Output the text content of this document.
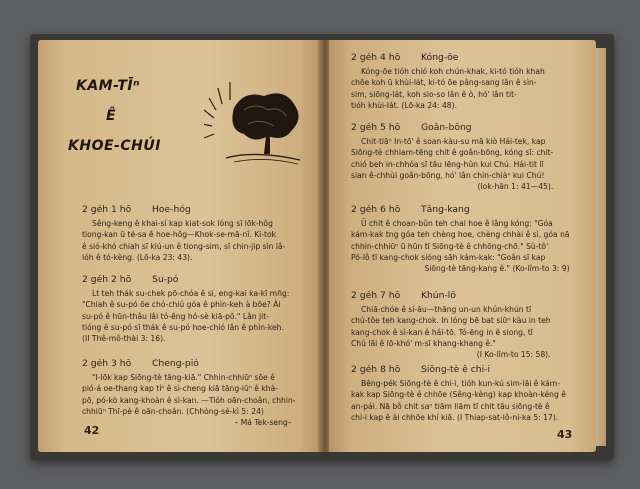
KAM-TĪⁿ
Ê
KHOE-CHÚI
2 géh 1 hō Hoe-hóg

Sêng-keng ê khai-sí kap kiat-sok lóng sī lōk-hôg

tiong-kan ū té-sa ê hoe-hôg—Khok-se-mā-nî. Ki-tok

ê sió-khó chiah sī kiú-un ê tiong-sim, sī chin-jip sìn lâ-

lóh ê tó-kèng. (Lō-ka 23: 43).

2 géh 2 hō Su-pó

Lt teh thák su-chek pō-chóa ê sí, eng-kai ka-kī mñg:

"Chiah ê su-pó ōe chó-chiú góa ê phìn-keh à bōe? Ài

su-pó ê hūn-thâu lâi tó-ēng hó-sè kiā-pō." Lân jit-

tióng ê su-pó sī thák ê su-pó hoe-chió lân ê phìn-keh.

(II Thê-mô-thài 3: 16).

2 géh 3 hō Cheng-pió

"I-lōk kap Siōng-tè tāng-kiā." Chhin-chhiūⁿ sōe ê

pió-á oe-thang kap tíⁿ ê sì-cheng kiā tāng-iūⁿ ê khà-

pō, pó-kò kang-khoàn ê sì-kan. —Tióh oān-choân, chhin-

chhiūⁿ Thī-pè ê oān-choân. (Chhòng-sè-kì 5: 24)

– Má Tek-seng–

42
2 géh 4 hō Kóng-ōe

Kóng-ōe tióh chió koh chún-khak, ki-tó tióh khah

chōe koh ū khùi-lát, ki-tó ōe pâng-sang lân ê sìn-

sim, siōng-lát, koh sio-so lân ê ò, hó' lân tit-

tióh khùi-lát. (Lō-ka 24: 48).

2 géh 5 hō Goân-bōng

Chit-tiāⁿ In-tō' ê soan-kàu-su mā kiò Hái-tek, kap

Siōng-tè chhiam-tēng chit ê goân-bōng, kóng sī: chit-

chió beh in-chhóa sī tāu lēng-hûn kui Chú. Hái-tit lī

sian ê-chhùi goân-bōng, hó' lân chin-chiàⁿ kui Chú!

(Iok-hān 1: 41—45).

2 géh 6 hō Tāng-kang

Ū chit ê choan-bûn teh chai hoe ê lâng kóng: "Góa

kám-kak tng góa teh chèng hoe, chèng chhài ê sì, góa nā

chhin-chhiūⁿ ū hūn tī Siōng-tè ê chhōng-chō." Sù-tô'

Pó-lô tī kang-chok sióng sāh kám-kak: "Goân sī kap

Siōng-tè tāng-kang ê." (Ko-lîm-to 3: 9)

2 géh 7 hō Khún-lō

Chiā-chóe ê sí-āu—thăng un-un khún-khún tī

chú-tôe teh kang-chok. In lóng bē bat siūⁿ kàu in teh

kang-chok ê sì-kan ê hái-tō. Tó-ēng in ê siong, tī

Chú lāi ê lō-khó' m-sī khang-khang ê."

(I Ko-lîm-to 15: 58).

2 géh 8 hō Siōng-tè ê chi-i

Bêng-pék Siōng-tè ê chi-i, tióh kun-kú sim-lāi ê kám-

kak kap Siōng-tè ê chhōe (Sêng-kèng) kap khoàn-kéng ê

an-pái. Nā bô chit saⁿ tiām liām tī chit tāu siōng-tè ê

chi-i kap ê ài chhōe khí kiā. (I Thiap-sat-lô-ni-ka 5: 17).

43
